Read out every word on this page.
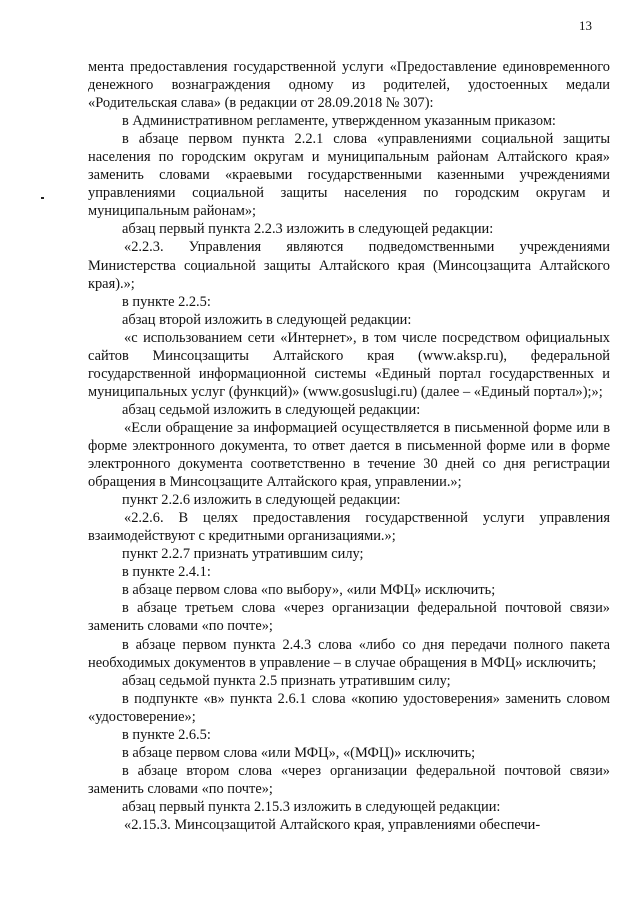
13

мента предоставления государственной услуги «Предоставление единовременного денежного вознаграждения одному из родителей, удостоенных медали «Родительская слава» (в редакции от 28.09.2018 № 307):

в Административном регламенте, утвержденном указанным приказом:

в абзаце первом пункта 2.2.1 слова «управлениями социальной защиты населения по городским округам и муниципальным районам Алтайского края» заменить словами «краевыми государственными казенными учреждениями управлениями социальной защиты населения по городским округам и муниципальным районам»;

абзац первый пункта 2.2.3 изложить в следующей редакции:

«2.2.3. Управления являются подведомственными учреждениями Министерства социальной защиты Алтайского края (Минсоцзащита Алтайского края).»;

в пункте 2.2.5:

абзац второй изложить в следующей редакции:

«с использованием сети «Интернет», в том числе посредством официальных сайтов Минсоцзащиты Алтайского края (www.aksp.ru), федеральной государственной информационной системы «Единый портал государственных и муниципальных услуг (функций)» (www.gosuslugi.ru) (далее – «Единый портал»);»;

абзац седьмой изложить в следующей редакции:

«Если обращение за информацией осуществляется в письменной форме или в форме электронного документа, то ответ дается в письменной форме или в форме электронного документа соответственно в течение 30 дней со дня регистрации обращения в Минсоцзащите Алтайского края, управлении.»;

пункт 2.2.6 изложить в следующей редакции:

«2.2.6. В целях предоставления государственной услуги управления взаимодействуют с кредитными организациями.»;

пункт 2.2.7 признать утратившим силу;

в пункте 2.4.1:

в абзаце первом слова «по выбору», «или МФЦ» исключить;

в абзаце третьем слова «через организации федеральной почтовой связи» заменить словами «по почте»;

в абзаце первом пункта 2.4.3 слова «либо со дня передачи полного пакета необходимых документов в управление – в случае обращения в МФЦ» исключить;

абзац седьмой пункта 2.5 признать утратившим силу;

в подпункте «в» пункта 2.6.1 слова «копию удостоверения» заменить словом «удостоверение»;

в пункте 2.6.5:

в абзаце первом слова «или МФЦ», «(МФЦ)» исключить;

в абзаце втором слова «через организации федеральной почтовой связи» заменить словами «по почте»;

абзац первый пункта 2.15.3 изложить в следующей редакции:

«2.15.3. Минсоцзащитой Алтайского края, управлениями обеспечи-
